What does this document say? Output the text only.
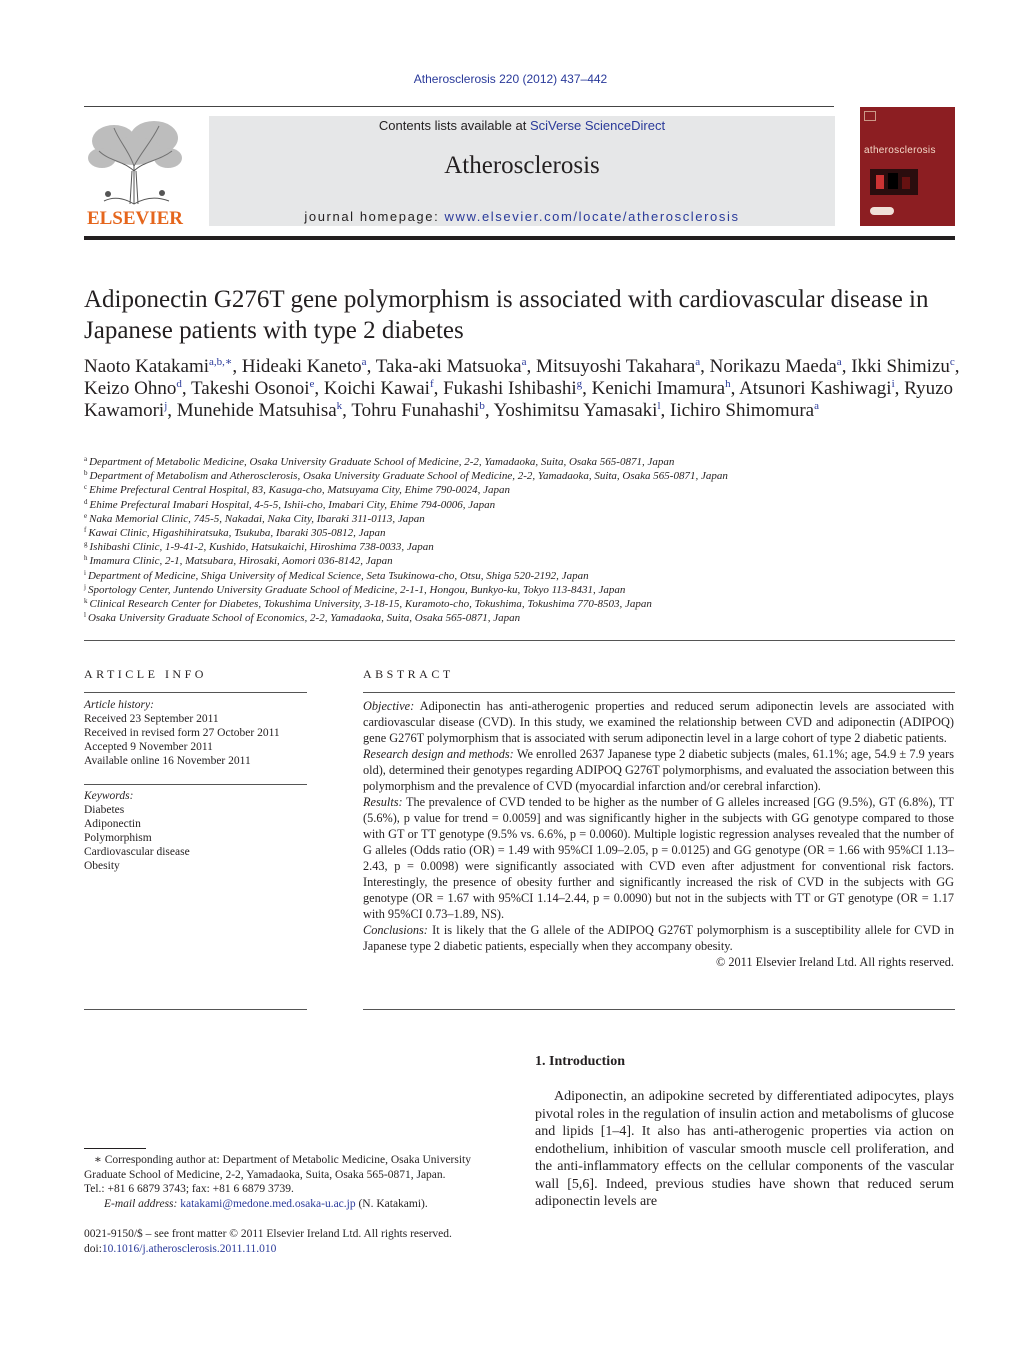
Atherosclerosis 220 (2012) 437–442
ELSEVIER
Contents lists available at SciVerse ScienceDirect
Atherosclerosis
journal homepage: www.elsevier.com/locate/atherosclerosis
atherosclerosis
Adiponectin G276T gene polymorphism is associated with cardiovascular disease in Japanese patients with type 2 diabetes
Naoto Katakami$^{a,b,∗}$, Hideaki Kaneto$^a$, Taka-aki Matsuoka$^a$, Mitsuyoshi Takahara$^a$, Norikazu Maeda$^a$, Ikki Shimizu$^c$, Keizo Ohno$^d$, Takeshi Osonoi$^e$, Koichi Kawai$^f$, Fukashi Ishibashi$^g$, Kenichi Imamura$^h$, Atsunori Kashiwagi$^i$, Ryuzo Kawamori$^j$, Munehide Matsuhisa$^k$, Tohru Funahashi$^b$, Yoshimitsu Yamasaki$^l$, Iichiro Shimomura$^a$
$^a$ Department of Metabolic Medicine, Osaka University Graduate School of Medicine, 2-2, Yamadaoka, Suita, Osaka 565-0871, Japan
$^b$ Department of Metabolism and Atherosclerosis, Osaka University Graduate School of Medicine, 2-2, Yamadaoka, Suita, Osaka 565-0871, Japan
$^c$ Ehime Prefectural Central Hospital, 83, Kasuga-cho, Matsuyama City, Ehime 790-0024, Japan
$^d$ Ehime Prefectural Imabari Hospital, 4-5-5, Ishii-cho, Imabari City, Ehime 794-0006, Japan
$^e$ Naka Memorial Clinic, 745-5, Nakadai, Naka City, Ibaraki 311-0113, Japan
$^f$ Kawai Clinic, Higashihiratsuka, Tsukuba, Ibaraki 305-0812, Japan
$^g$ Ishibashi Clinic, 1-9-41-2, Kushido, Hatsukaichi, Hiroshima 738-0033, Japan
$^h$ Imamura Clinic, 2-1, Matsubara, Hirosaki, Aomori 036-8142, Japan
$^i$ Department of Medicine, Shiga University of Medical Science, Seta Tsukinowa-cho, Otsu, Shiga 520-2192, Japan
$^j$ Sportology Center, Juntendo University Graduate School of Medicine, 2-1-1, Hongou, Bunkyo-ku, Tokyo 113-8431, Japan
$^k$ Clinical Research Center for Diabetes, Tokushima University, 3-18-15, Kuramoto-cho, Tokushima, Tokushima 770-8503, Japan
$^l$ Osaka University Graduate School of Economics, 2-2, Yamadaoka, Suita, Osaka 565-0871, Japan
ARTICLE INFO	ABSTRACT
Article history:
Received 23 September 2011
Received in revised form 27 October 2011
Accepted 9 November 2011
Available online 16 November 2011
Keywords:
Diabetes
Adiponectin
Polymorphism
Cardiovascular disease
Obesity

Objective: Adiponectin has anti-atherogenic properties and reduced serum adiponectin levels are associated with cardiovascular disease (CVD). In this study, we examined the relationship between CVD and adiponectin (ADIPOQ) gene G276T polymorphism that is associated with serum adiponectin level in a large cohort of type 2 diabetic patients.

Research design and methods: We enrolled 2637 Japanese type 2 diabetic subjects (males, 61.1%; age, 54.9 ± 7.9 years old), determined their genotypes regarding ADIPOQ G276T polymorphisms, and evaluated the association between this polymorphism and the prevalence of CVD (myocardial infarction and/or cerebral infarction).

Results: The prevalence of CVD tended to be higher as the number of G alleles increased [GG (9.5%), GT (6.8%), TT (5.6%), p value for trend = 0.0059] and was significantly higher in the subjects with GG genotype compared to those with GT or TT genotype (9.5% vs. 6.6%, p = 0.0060). Multiple logistic regression analyses revealed that the number of G alleles (Odds ratio (OR) = 1.49 with 95%CI 1.09–2.05, p = 0.0125) and GG genotype (OR = 1.66 with 95%CI 1.13–2.43, p = 0.0098) were significantly associated with CVD even after adjustment for conventional risk factors. Interestingly, the presence of obesity further and significantly increased the risk of CVD in the subjects with GG genotype (OR = 1.67 with 95%CI 1.14–2.44, p = 0.0090) but not in the subjects with TT or GT genotype (OR = 1.17 with 95%CI 0.73–1.89, NS).

Conclusions: It is likely that the G allele of the ADIPOQ G276T polymorphism is a susceptibility allele for CVD in Japanese type 2 diabetic patients, especially when they accompany obesity.

© 2011 Elsevier Ireland Ltd. All rights reserved.

1. Introduction
Adiponectin, an adipokine secreted by differentiated adipocytes, plays pivotal roles in the regulation of insulin action and metabolisms of glucose and lipids [1–4]. It also has anti-atherogenic properties via action on endothelium, inhibition of vascular smooth muscle cell proliferation, and the anti-inflammatory effects on the cellular components of the vascular wall [5,6]. Indeed, previous studies have shown that reduced serum adiponectin levels are
∗ Corresponding author at: Department of Metabolic Medicine, Osaka University Graduate School of Medicine, 2-2, Yamadaoka, Suita, Osaka 565-0871, Japan.
Tel.: +81 6 6879 3743; fax: +81 6 6879 3739.
E-mail address: katakami@medone.med.osaka-u.ac.jp (N. Katakami).
0021-9150/$ – see front matter © 2011 Elsevier Ireland Ltd. All rights reserved.
doi:10.1016/j.atherosclerosis.2011.11.010
